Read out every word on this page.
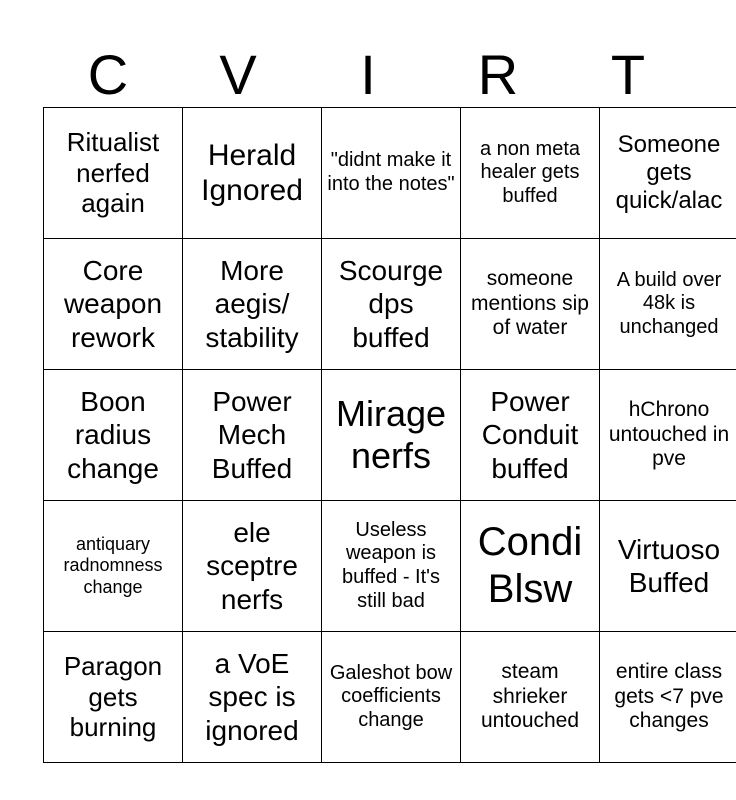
C	V	I	R	T
Ritualist nerfed again	Herald Ignored	"didnt make it into the notes"	a non meta healer gets buffed	Someone gets quick/alac
Core weapon rework	More aegis/ stability	Scourge dps buffed	someone mentions sip of water	A build over 48k is unchanged
Boon radius change	Power Mech Buffed	Mirage nerfs	Power Conduit buffed	hChrono untouched in pve
antiquary radnomness change	ele sceptre nerfs	Useless weapon is buffed - It's still bad	Condi Blsw	Virtuoso Buffed
Paragon gets burning	a VoE spec is ignored	Galeshot bow coefficients change	steam shrieker untouched	entire class gets <7 pve changes
